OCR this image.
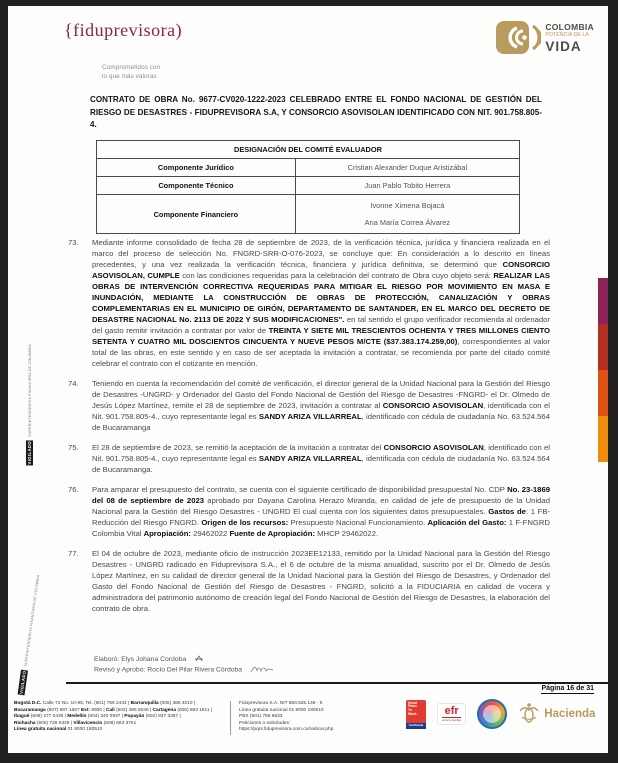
{fiduprevisora)
Comprometidos con
lo que más valoras
COLOMBIA
POTENCIA DE LA
VIDA
CONTRATO DE OBRA No. 9677-CV020-1222-2023 CELEBRADO ENTRE EL FONDO NACIONAL DE GESTIÓN DEL RIESGO DE DESASTRES - FIDUPREVISORA S.A, Y CONSORCIO ASOVISOLAN IDENTIFICADO CON NIT. 901.758.805-4.
DESIGNACIÓN DEL COMITÉ EVALUADOR	
Componente Jurídico	Cristian Alexander Duque Aristizábal
Componente Técnico	Juan Pablo Tobito Herrera
Componente Financiero	Ivonne Ximena Bojacá
Ana María Correa Álvarez
73. Mediante informe consolidado de fecha 28 de septiembre de 2023, de la verificación técnica, jurídica y financiera realizada en el marco del proceso de selección No. FNGRD-SRR-O-076-2023, se concluye que: En consideración a lo descrito en líneas precedentes, y una vez realizada la verificación técnica, financiera y jurídica definitiva, se determinó que CONSORCIO ASOVISOLAN, CUMPLE con las condiciones requeridas para la celebración del contrato de Obra cuyo objeto será: REALIZAR LAS OBRAS DE INTERVENCIÓN CORRECTIVA REQUERIDAS PARA MITIGAR EL RIESGO POR MOVIMIENTO EN MASA E INUNDACIÓN, MEDIANTE LA CONSTRUCCIÓN DE OBRAS DE PROTECCIÓN, CANALIZACIÓN Y OBRAS COMPLEMENTARIAS EN EL MUNICIPIO DE GIRÓN, DEPARTAMENTO DE SANTANDER, EN EL MARCO DEL DECRETO DE DESASTRE NACIONAL No. 2113 DE 2022 Y SUS MODIFICACIONES". en tal sentido el grupo verificador recomienda al ordenador del gasto remitir invitación a contratar por valor de TREINTA Y SIETE MIL TRESCIENTOS OCHENTA Y TRES MILLONES CIENTO SETENTA Y CUATRO MIL DOSCIENTOS CINCUENTA Y NUEVE PESOS M/CTE ($37.383.174.259,00), correspondientes al valor total de las obras, en este sentido y en caso de ser aceptada la invitación a contratar, se recomienda por parte del citado comité celebrar el contrato con el cotizante en mención.
74. Teniendo en cuenta la recomendación del comité de verificación, el director general de la Unidad Nacional para la Gestión del Riesgo de Desastres -UNGRD- y Ordenador del Gasto del Fondo Nacional de Gestión del Riesgo de Desastres -FNGRD- el Dr. Olmedo de Jesús López Martínez, remite el 28 de septiembre de 2023, invitación a contratar al CONSORCIO ASOVISOLAN, identificada con el Nit. 901.758.805-4., cuyo representante legal es SANDY ARIZA VILLARREAL, identificado con cédula de ciudadanía No. 63.524.564 de Bucaramanga
75. El 28 de septiembre de 2023, se remitió la aceptación de la invitación a contratar del CONSORCIO ASOVISOLAN, identificado con el Nit. 901.758.805-4., cuyo representante legal es SANDY ARIZA VILLARREAL, identificada con cédula de ciudadanía No. 63.524.564 de Bucaramanga.
76. Para amparar el presupuesto del contrato, se cuenta con el siguiente certificado de disponibilidad presupuestal No. CDP No. 23-1869 del 08 de septiembre de 2023 aprobado por Dayana Carolina Herazo Miranda, en calidad de jefe de presupuesto de la Unidad Nacional para la Gestión del Riesgo Desastres - UNGRD El cual cuenta con los siguientes datos presupuestales. Gastos de: 1 FB- Reducción del Riesgo FNGRD. Origen de los recursos: Presupuesto Nacional Funcionamiento. Aplicación del Gasto: 1 F-FNGRD Colombia Vital Apropiación: 29462022 Fuente de Apropiación: MHCP 29462022.
77. El 04 de octubre de 2023, mediante oficio de instrucción 2023EE12133, remitido por la Unidad Nacional para la Gestión del Riesgo Desastres - UNGRD radicado en Fiduprevisora S.A., el 6 de octubre de la misma anualidad, suscrito por el Dr. Olmedo de Jesús López Martínez, en su calidad de director general de la Unidad Nacional para la Gestión del Riesgo de Desastres, y Ordenador del Gasto del Fondo Nacional de Gestión del Riesgo de Desastres - FNGRD, solicitó a la FIDUCIARIA en calidad de vocera y administradora del patrimonio autónomo de creación legal del Fondo Nacional de Gestión del Riesgo de Desastres, la elaboración del contrato de obra.
Elaboró: Elys Johana Cordoba
Revisó y Aprobó: Rocío Del Pilar Rivera Córdoba
Página 16 de 31
Bogotá D.C. Calle 72 No. 10-85, Tel. (601) 756 2444 | Barranquilla (605) 385 4010 |
Bucaramanga (607) 697 1687 Ext: 6900 | Cali (602) 485 5036 | Cartagena (605) 693 1611 |
Ibagué (608) 277 0439 | Medellín (604) 340 0937 | Popayán (602) 837 3367 |
Riohacha (605) 729 5328 | Villavicencio (608) 663 3751
Línea gratuita nacional 01 8000 180510
Fiduprevisora S.A. NIT 860.525.148 - 5
Línea gratuita nacional 01 8000 180510
PBX (601) 756 6633
Peticiones o solicitudes:
https://pqrs.fiduprevisora.com.co/radicar.php
Great
Place
To
Work.
Certificada
efr
entorno familiar	Hacienda
SUPERINTENDENCIA FINANCIERA DE COLOMBIA
VIGILADO
SUPERINTENDENCIA FINANCIERA DE COLOMBIA
VIGILADO
